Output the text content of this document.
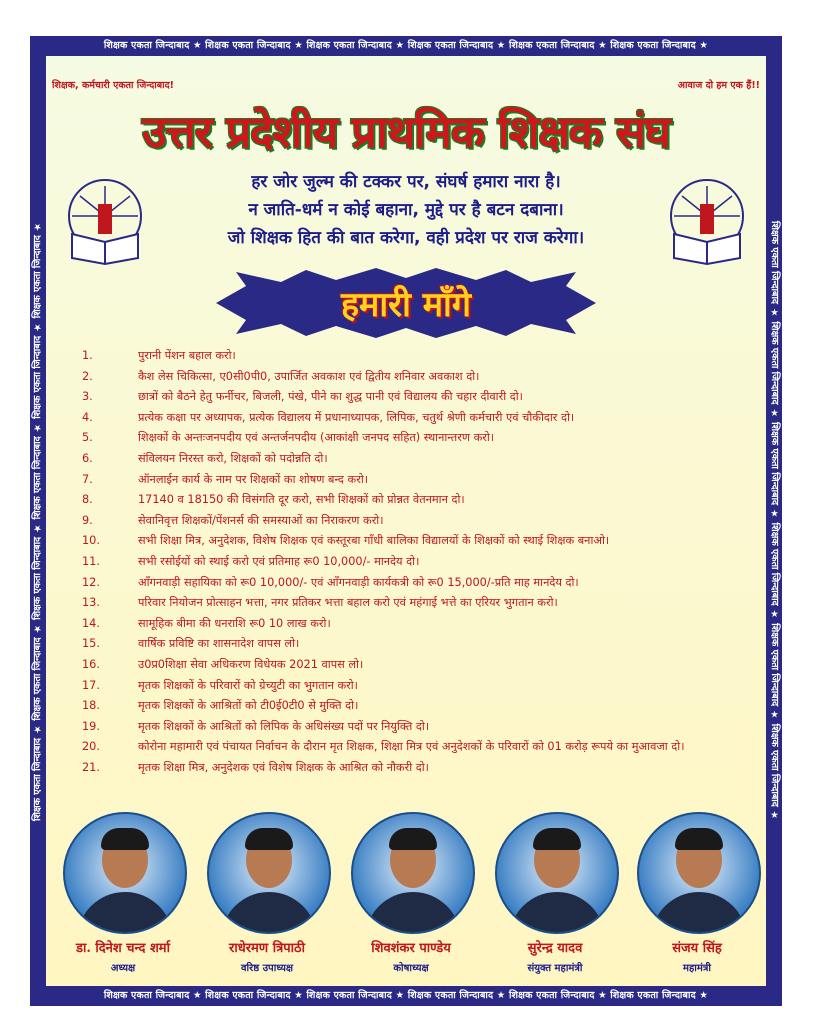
शिक्षक एकता जिन्दाबाद ★ शिक्षक एकता जिन्दाबाद ★ शिक्षक एकता जिन्दाबाद ★ शिक्षक एकता जिन्दाबाद ★ शिक्षक एकता जिन्दाबाद ★ शिक्षक एकता जिन्दाबाद ★
शिक्षक एकता जिन्दाबाद ★ शिक्षक एकता जिन्दाबाद ★ शिक्षक एकता जिन्दाबाद ★ शिक्षक एकता जिन्दाबाद ★ शिक्षक एकता जिन्दाबाद ★ शिक्षक एकता जिन्दाबाद ★	शिक्षक एकता जिन्दाबाद ★ शिक्षक एकता जिन्दाबाद ★ शिक्षक एकता जिन्दाबाद ★ शिक्षक एकता जिन्दाबाद ★ शिक्षक एकता जिन्दाबाद ★ शिक्षक एकता जिन्दाबाद ★
शिक्षक एकता जिन्दाबाद ★ शिक्षक एकता जिन्दाबाद ★ शिक्षक एकता जिन्दाबाद ★ शिक्षक एकता जिन्दाबाद ★ शिक्षक एकता जिन्दाबाद ★ शिक्षक एकता जिन्दाबाद ★
शिक्षक, कर्मचारी एकता जिन्दाबाद!	आवाज दो हम एक हैं!!
उत्तर प्रदेशीय प्राथमिक शिक्षक संघ
हर जोर जुल्म की टक्कर पर, संघर्ष हमारा नारा है।
न जाति-धर्म न कोई बहाना, मुद्दे पर है बटन दबाना।
जो शिक्षक हित की बात करेगा, वही प्रदेश पर राज करेगा।
हमारी माँगे
1.	पुरानी पेंशन बहाल करो।
2.	कैश लेस चिकित्सा, ए0सी0पी0, उपार्जित अवकाश एवं द्वितीय शनिवार अवकाश दो।
3.	छात्रों को बैठने हेतु फर्नीचर, बिजली, पंखे, पीने का शुद्ध पानी एवं विद्यालय की चहार दीवारी दो।
4.	प्रत्येक कक्षा पर अध्यापक, प्रत्येक विद्यालय में प्रधानाध्यापक, लिपिक, चतुर्थ श्रेणी कर्मचारी एवं चौकीदार दो।
5.	शिक्षकों के अन्तःजनपदीय एवं अन्तर्जनपदीय (आकांक्षी जनपद सहित) स्थानान्तरण करो।
6.	संविलयन निरस्त करो, शिक्षकों को पदोन्नति दो।
7.	ऑनलाईन कार्य के नाम पर शिक्षकों का शोषण बन्द करो।
8.	17140 व 18150 की विसंगति दूर करो, सभी शिक्षकों को प्रोन्नत वेतनमान दो।
9.	सेवानिवृत्त शिक्षकों/पेंशनर्स की समस्याओं का निराकरण करो।
10.	सभी शिक्षा मित्र, अनुदेशक, विशेष शिक्षक एवं कस्तूरबा गाँधी बालिका विद्यालयों के शिक्षकों को स्थाई शिक्षक बनाओ।
11.	सभी रसोईयों को स्थाई करो एवं प्रतिमाह रू0 10,000/- मानदेय दो।
12.	आँगनवाड़ी सहायिका को रू0 10,000/- एवं आँगनवाड़ी कार्यकत्री को रू0 15,000/-प्रति माह मानदेय दो।
13.	परिवार नियोजन प्रोत्साहन भत्ता, नगर प्रतिकर भत्ता बहाल करो एवं महंगाई भत्ते का एरियर भुगतान करो।
14.	सामूहिक बीमा की धनराशि रू0 10 लाख करो।
15.	वार्षिक प्रविष्टि का शासनादेश वापस लो।
16.	उ0प्र0शिक्षा सेवा अधिकरण विधेयक 2021 वापस लो।
17.	मृतक शिक्षकों के परिवारों को ग्रेच्युटी का भुगतान करो।
18.	मृतक शिक्षकों के आश्रितों को टी0ई0टी0 से मुक्ति दो।
19.	मृतक शिक्षकों के आश्रितों को लिपिक के अधिसंख्य पदों पर नियुक्ति दो।
20.	कोरोना महामारी एवं पंचायत निर्वाचन के दौरान मृत शिक्षक, शिक्षा मित्र एवं अनुदेशकों के परिवारों को 01 करोड़ रूपये का मुआवजा दो।
21.	मृतक शिक्षा मित्र, अनुदेशक एवं विशेष शिक्षक के आश्रित को नौकरी दो।
डा. दिनेश चन्द शर्मा
अध्यक्ष
राधेरमण त्रिपाठी
वरिष्ठ उपाध्यक्ष
शिवशंकर पाण्डेय
कोषाध्यक्ष
सुरेन्द्र यादव
संयुक्त महामंत्री
संजय सिंह
महामंत्री
